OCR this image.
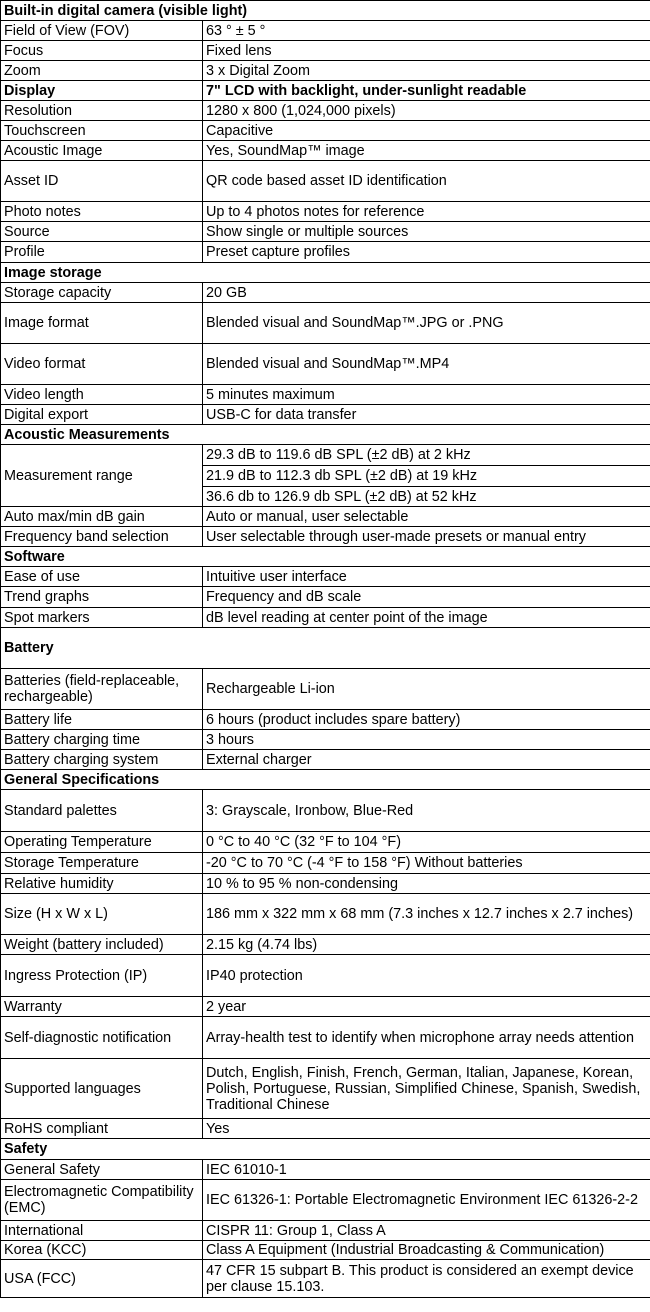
Built-in digital camera (visible light)	
Field of View (FOV)	63 ° ± 5 °
Focus	Fixed lens
Zoom	3 x Digital Zoom
Display	7" LCD with backlight, under-sunlight readable
Resolution	1280 x 800 (1,024,000 pixels)
Touchscreen	Capacitive
Acoustic Image	Yes, SoundMap™ image
Asset ID	QR code based asset ID identification
Photo notes	Up to 4 photos notes for reference
Source	Show single or multiple sources
Profile	Preset capture profiles
Image storage	
Storage capacity	20 GB
Image format	Blended visual and SoundMap™.JPG or .PNG
Video format	Blended visual and SoundMap™.MP4
Video length	5 minutes maximum
Digital export	USB-C for data transfer
Acoustic Measurements	
Measurement range	29.3 dB to 119.6 dB SPL (±2 dB) at 2 kHz
	21.9 dB to 112.3 db SPL (±2 dB) at 19 kHz
	36.6 db to 126.9 db SPL (±2 dB) at 52 kHz
Auto max/min dB gain	Auto or manual, user selectable
Frequency band selection	User selectable through user-made presets or manual entry
Software	
Ease of use	Intuitive user interface
Trend graphs	Frequency and dB scale
Spot markers	dB level reading at center point of the image
Battery	
Batteries (field-replaceable, rechargeable)	Rechargeable Li-ion
Battery life	6 hours (product includes spare battery)
Battery charging time	3 hours
Battery charging system	External charger
General Specifications	
Standard palettes	3: Grayscale, Ironbow, Blue-Red
Operating Temperature	0 °C to 40 °C (32 °F to 104 °F)
Storage Temperature	-20 °C to 70 °C (-4 °F to 158 °F) Without batteries
Relative humidity	10 % to 95 % non-condensing
Size (H x W x L)	186 mm x 322 mm x 68 mm (7.3 inches x 12.7 inches x 2.7 inches)
Weight (battery included)	2.15 kg (4.74 lbs)
Ingress Protection (IP)	IP40 protection
Warranty	2 year
Self-diagnostic notification	Array-health test to identify when microphone array needs attention
Supported languages	Dutch, English, Finish, French, German, Italian, Japanese, Korean, Polish, Portuguese, Russian, Simplified Chinese, Spanish, Swedish, Traditional Chinese
RoHS compliant	Yes
Safety	
General Safety	IEC 61010-1
Electromagnetic Compatibility (EMC)	IEC 61326-1: Portable Electromagnetic Environment IEC 61326-2-2
International	CISPR 11: Group 1, Class A
Korea (KCC)	Class A Equipment (Industrial Broadcasting & Communication)
USA (FCC)	47 CFR 15 subpart B. This product is considered an exempt device per clause 15.103.
